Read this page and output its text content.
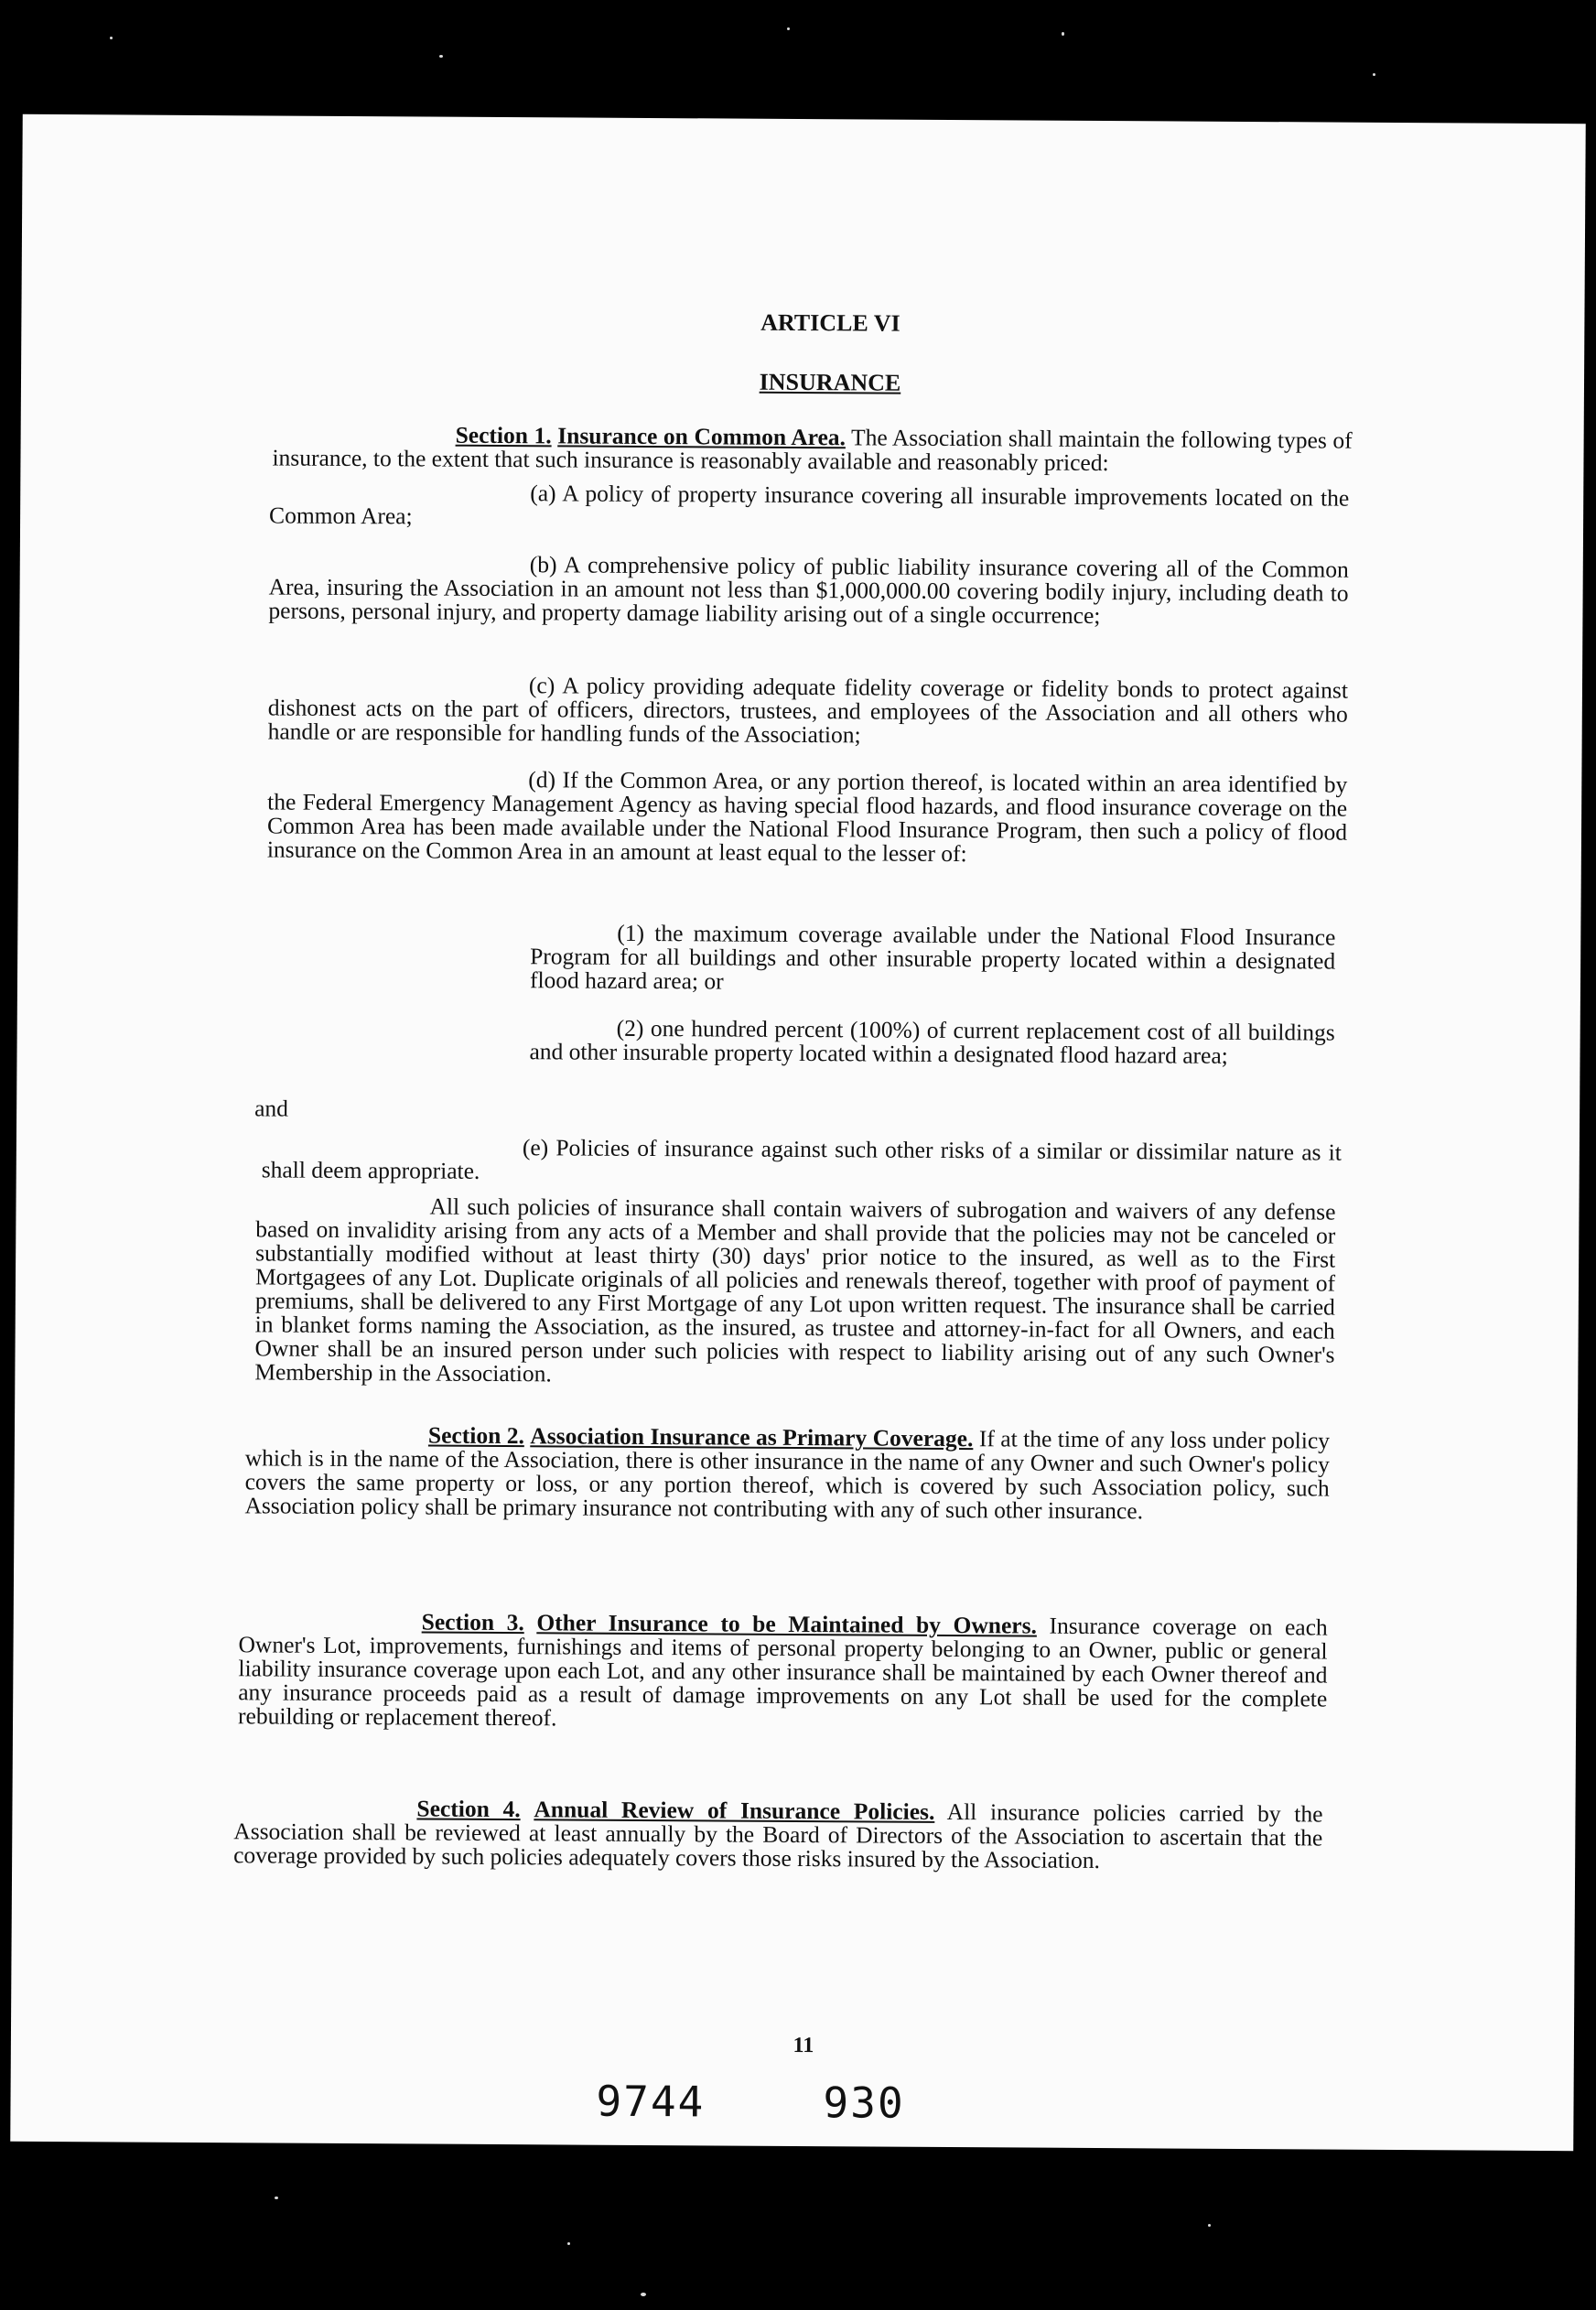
ARTICLE VI
INSURANCE
Section 1. Insurance on Common Area. The Association shall maintain the following types of insurance, to the extent that such insurance is reasonably available and reasonably priced:
(a) A policy of property insurance covering all insurable improvements located on the Common Area;
(b) A comprehensive policy of public liability insurance covering all of the Common Area, insuring the Association in an amount not less than $1,000,000.00 covering bodily injury, including death to persons, personal injury, and property damage liability arising out of a single occurrence;
(c) A policy providing adequate fidelity coverage or fidelity bonds to protect against dishonest acts on the part of officers, directors, trustees, and employees of the Association and all others who handle or are responsible for handling funds of the Association;
(d) If the Common Area, or any portion thereof, is located within an area identified by the Federal Emergency Management Agency as having special flood hazards, and flood insurance coverage on the Common Area has been made available under the National Flood Insurance Program, then such a policy of flood insurance on the Common Area in an amount at least equal to the lesser of:
(1) the maximum coverage available under the National Flood Insurance Program for all buildings and other insurable property located within a designated flood hazard area; or
(2) one hundred percent (100%) of current replacement cost of all buildings and other insurable property located within a designated flood hazard area;
and
(e) Policies of insurance against such other risks of a similar or dissimilar nature as it shall deem appropriate.
All such policies of insurance shall contain waivers of subrogation and waivers of any defense based on invalidity arising from any acts of a Member and shall provide that the policies may not be canceled or substantially modified without at least thirty (30) days' prior notice to the insured, as well as to the First Mortgagees of any Lot. Duplicate originals of all policies and renewals thereof, together with proof of payment of premiums, shall be delivered to any First Mortgage of any Lot upon written request. The insurance shall be carried in blanket forms naming the Association, as the insured, as trustee and attorney-in-fact for all Owners, and each Owner shall be an insured person under such policies with respect to liability arising out of any such Owner's Membership in the Association.
Section 2. Association Insurance as Primary Coverage. If at the time of any loss under policy which is in the name of the Association, there is other insurance in the name of any Owner and such Owner's policy covers the same property or loss, or any portion thereof, which is covered by such Association policy, such Association policy shall be primary insurance not contributing with any of such other insurance.
Section 3. Other Insurance to be Maintained by Owners. Insurance coverage on each Owner's Lot, improvements, furnishings and items of personal property belonging to an Owner, public or general liability insurance coverage upon each Lot, and any other insurance shall be maintained by each Owner thereof and any insurance proceeds paid as a result of damage improvements on any Lot shall be used for the complete rebuilding or replacement thereof.
Section 4. Annual Review of Insurance Policies. All insurance policies carried by the Association shall be reviewed at least annually by the Board of Directors of the Association to ascertain that the coverage provided by such policies adequately covers those risks insured by the Association.
11
9744	930
